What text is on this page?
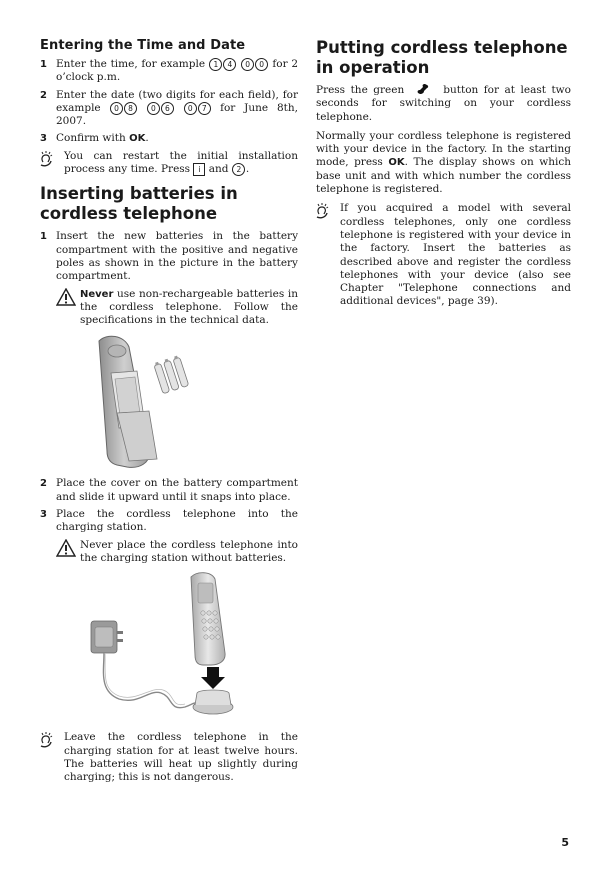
Entering the Time and Date
1 Enter the time, for example 1 4 0 0 for 2 o’clock p.m.
2 Enter the date (two digits for each field), for example 0 8 0 6 0 7 for June 8th, 2007.
3 Confirm with OK.
You can restart the initial installation process any time. Press i and 2 .
Inserting batteries in cordless telephone
1 Insert the new batteries in the battery compartment with the positive and negative poles as shown in the picture in the battery compartment.
Never use non-rechargeable batteries in the cordless telephone. Follow the specifications in the technical data.
2 Place the cover on the battery compartment and slide it upward until it snaps into place.
3 Place the cordless telephone into the charging station.
Never place the cordless telephone into the charging station without batteries.
Leave the cordless telephone in the charging station for at least twelve hours. The batteries will heat up slightly during charging; this is not dangerous.
Putting cordless telephone in operation

Press the green	button for at least two seconds for switching on your cordless telephone.

Normally your cordless telephone is registered with your device in the factory. In the starting mode, press OK. The display shows on which base unit and with which number the cordless telephone is registered.

If you acquired a model with several cordless telephones, only one cordless telephone is registered with your device in the factory. Insert the batteries as described above and register the cordless telephones with your device (also see Chapter "Telephone connections and additional devices", page 39).
5
